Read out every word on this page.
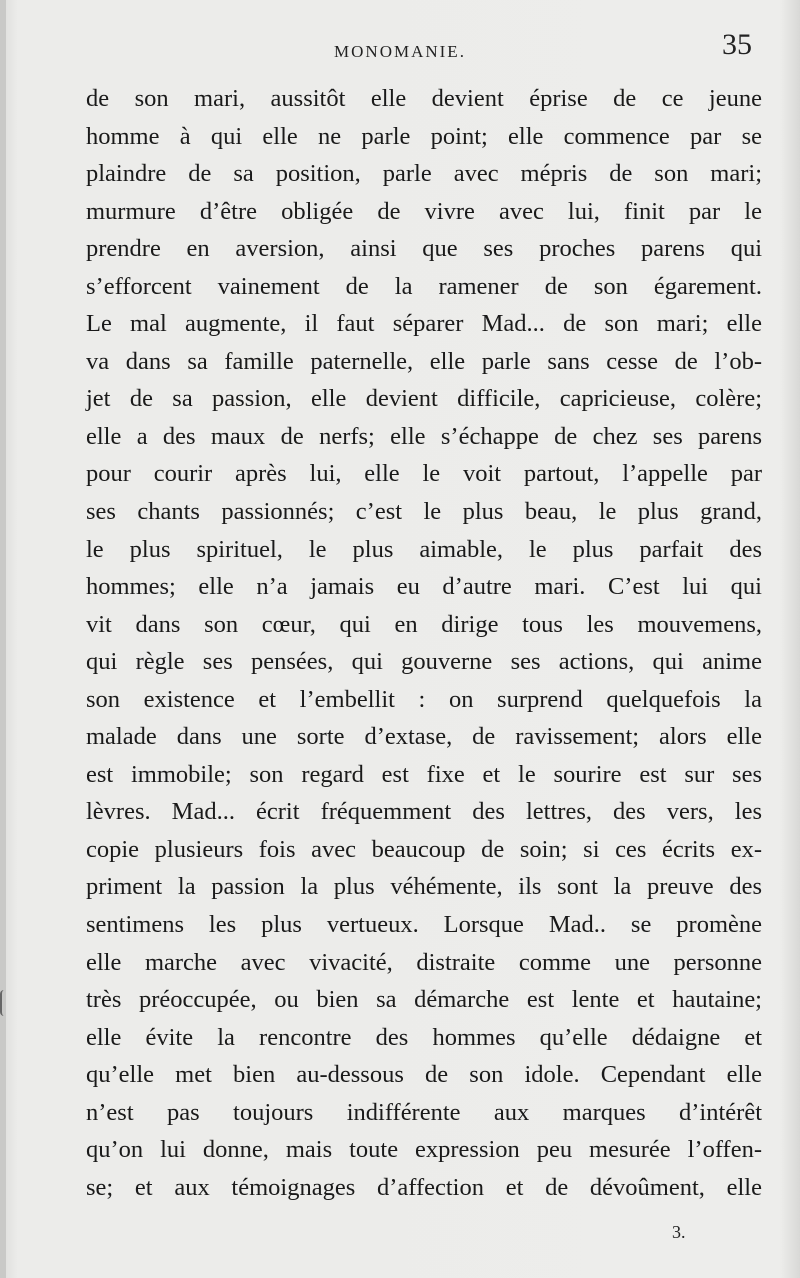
MONOMANIE.	35
de son mari, aussitôt elle devient éprise de ce jeune
homme à qui elle ne parle point; elle commence par se
plaindre de sa position, parle avec mépris de son mari;
murmure d’être obligée de vivre avec lui, finit par le
prendre en aversion, ainsi que ses proches parens qui
s’efforcent vainement de la ramener de son égarement.
Le mal augmente, il faut séparer Mad... de son mari; elle
va dans sa famille paternelle, elle parle sans cesse de l’ob-
jet de sa passion, elle devient difficile, capricieuse, colère;
elle a des maux de nerfs; elle s’échappe de chez ses parens
pour courir après lui, elle le voit partout, l’appelle par
ses chants passionnés; c’est le plus beau, le plus grand,
le plus spirituel, le plus aimable, le plus parfait des
hommes; elle n’a jamais eu d’autre mari. C’est lui qui
vit dans son cœur, qui en dirige tous les mouvemens,
qui règle ses pensées, qui gouverne ses actions, qui anime
son existence et l’embellit : on surprend quelquefois la
malade dans une sorte d’extase, de ravissement; alors elle
est immobile; son regard est fixe et le sourire est sur ses
lèvres. Mad... écrit fréquemment des lettres, des vers, les
copie plusieurs fois avec beaucoup de soin; si ces écrits ex-
priment la passion la plus véhémente, ils sont la preuve des
sentimens les plus vertueux. Lorsque Mad.. se promène
elle marche avec vivacité, distraite comme une personne
très préoccupée, ou bien sa démarche est lente et hautaine;
elle évite la rencontre des hommes qu’elle dédaigne et
qu’elle met bien au-dessous de son idole. Cependant elle
n’est pas toujours indifférente aux marques d’intérêt
qu’on lui donne, mais toute expression peu mesurée l’offen-
se; et aux témoignages d’affection et de dévoûment, elle
3.
